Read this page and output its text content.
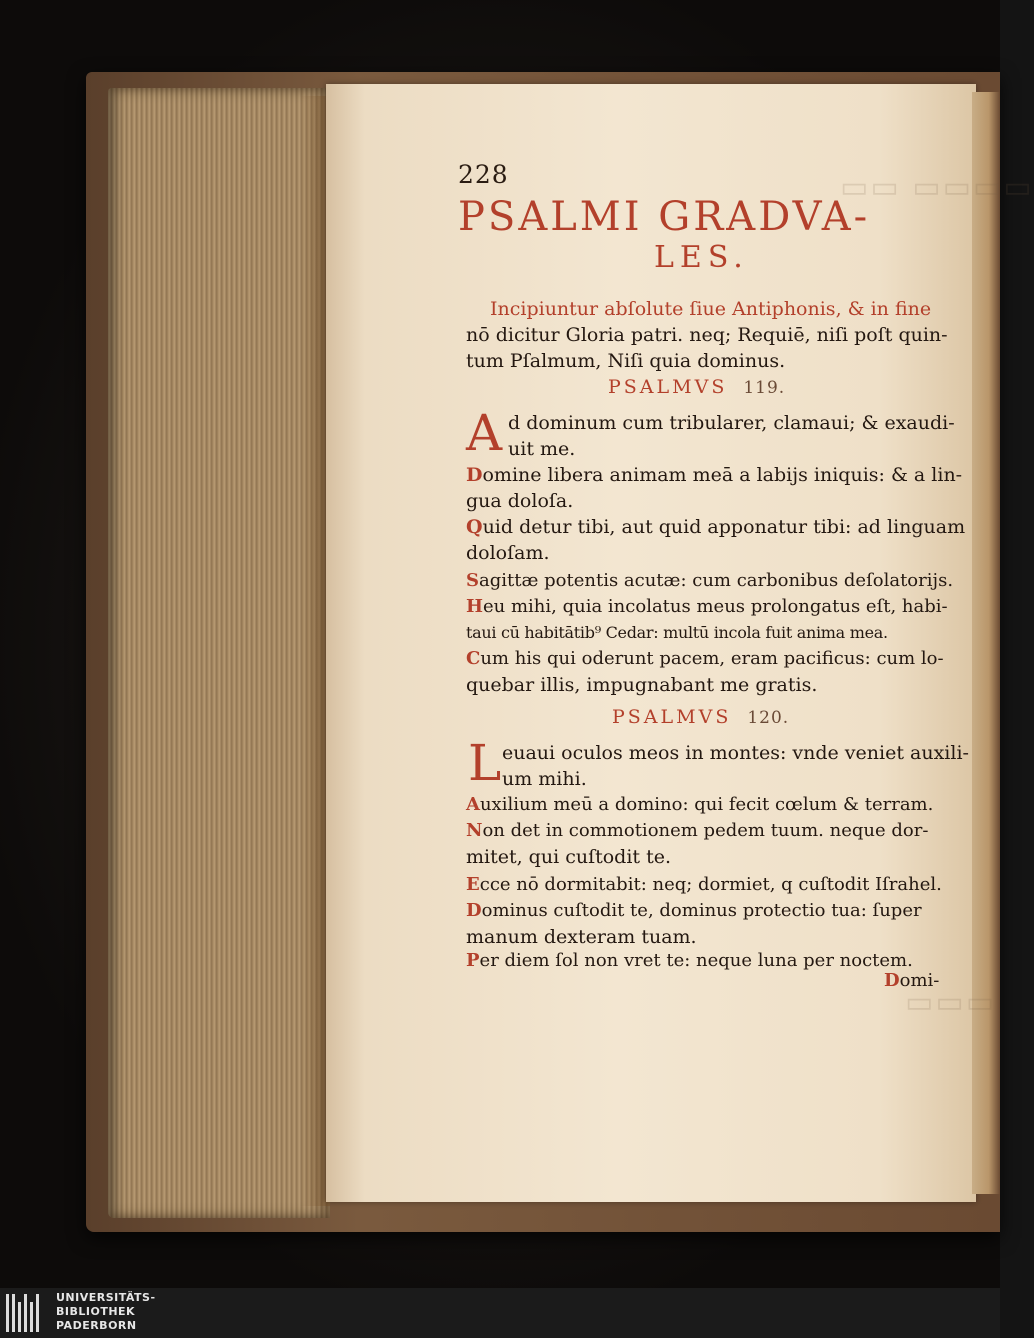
▭▭ ▭▭▭▭
▭▭▭
228
PSALMI GRADVA-
LES.
Incipiuntur abſolute ſiue Antiphonis, & in fine
nō dicitur Gloria patri. neq; Requiē, niſi poſt quin-
tum Pſalmum, Niſi quia dominus.
PSALMVS 119.
A d dominum cum tribularer, clamaui; & exaudi-
uit me.
Domine libera animam meā a labijs iniquis: & a lin-
gua doloſa.
Quid detur tibi, aut quid apponatur tibi: ad linguam
doloſam.
Sagittæ potentis acutæ: cum carbonibus deſolatorijs.
Heu mihi, quia incolatus meus prolongatus eſt, habi-
taui cū habitātib⁹ Cedar: multū incola fuit anima mea.
Cum his qui oderunt pacem, eram pacificus: cum lo-
quebar illis, impugnabant me gratis.
PSALMVS 120.
L euaui oculos meos in montes: vnde veniet auxili-
um mihi.
Auxilium meū a domino: qui fecit cœlum & terram.
Non det in commotionem pedem tuum. neque dor-
mitet, qui cuſtodit te.
Ecce nō dormitabit: neq; dormiet, q cuſtodit Iſrahel.
Dominus cuſtodit te, dominus protectio tua: ſuper
manum dexteram tuam.
Per diem ſol non vret te: neque luna per noctem.
Domi-
UNIVERSITÄTS-
BIBLIOTHEK
PADERBORN
